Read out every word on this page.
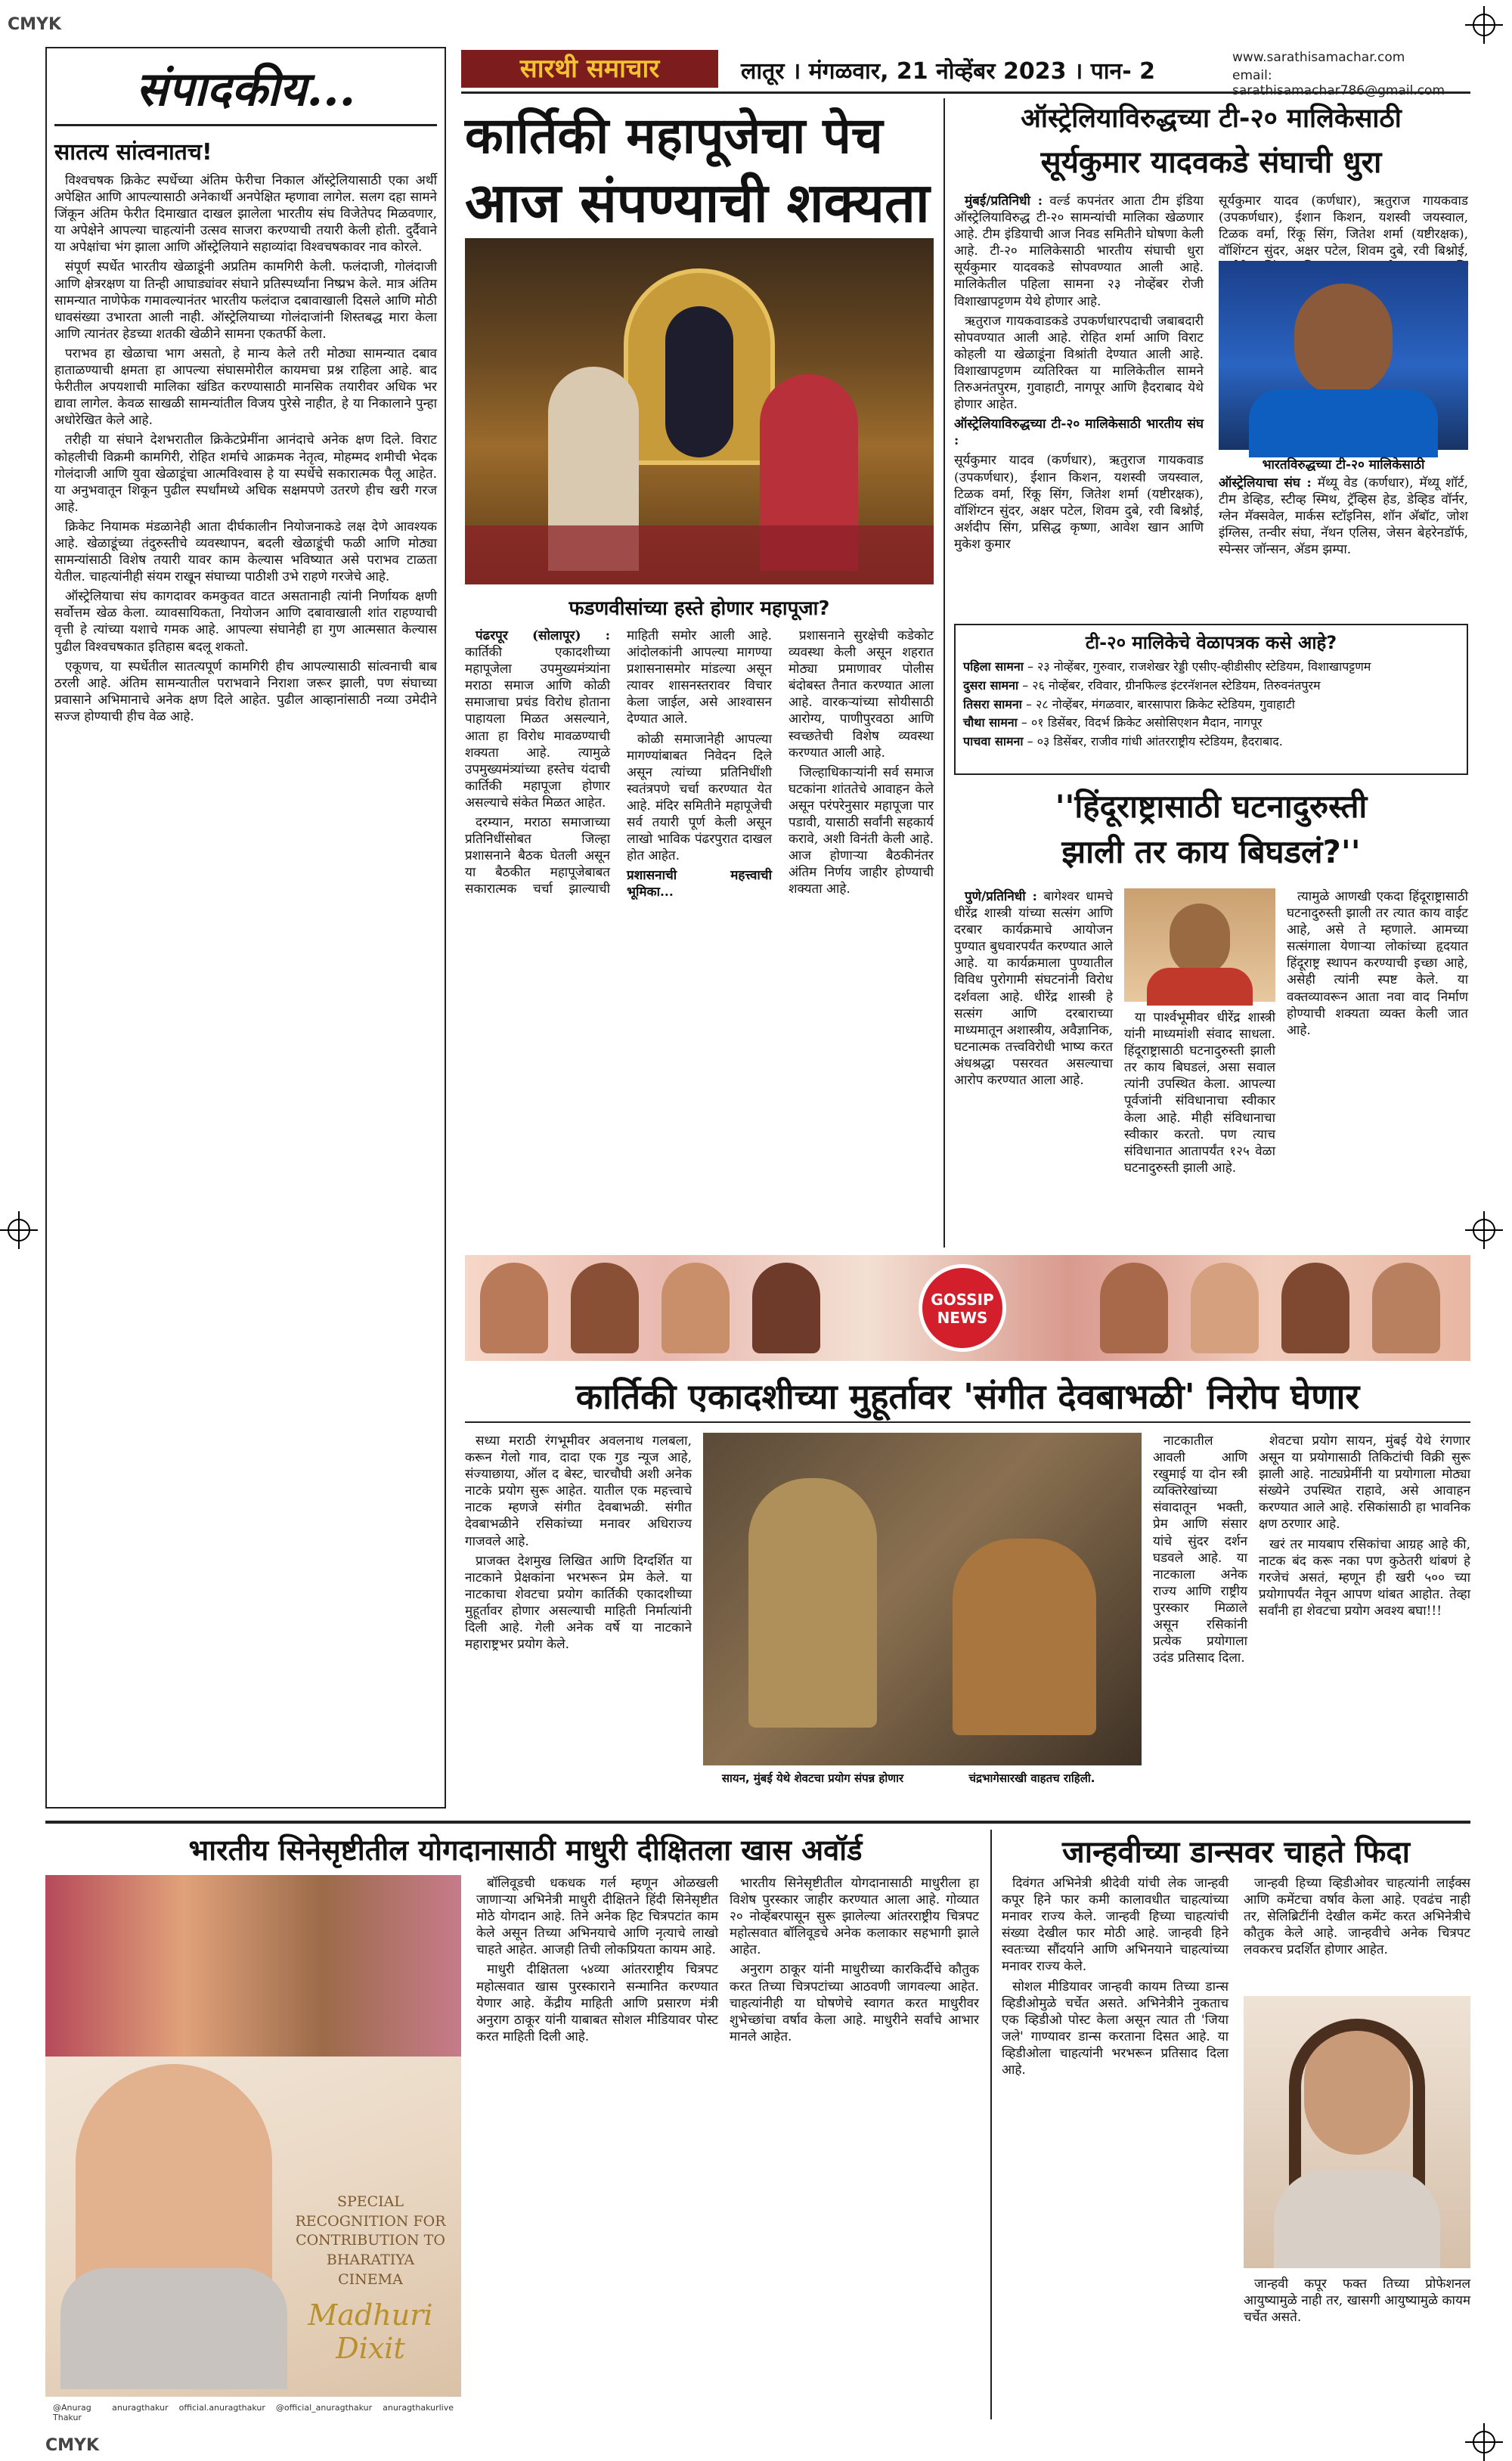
CMYK
CMYK
संपादकीय...
सातत्य सांत्वनातच!

विश्वचषक क्रिकेट स्पर्धेच्या अंतिम फेरीचा निकाल ऑस्ट्रेलियासाठी एका अर्थी अपेक्षित आणि आपल्यासाठी अनेकार्थी अनपेक्षित म्हणावा लागेल. सलग दहा सामने जिंकून अंतिम फेरीत दिमाखात दाखल झालेला भारतीय संघ विजेतेपद मिळवणार, या अपेक्षेने आपल्या चाहत्यांनी उत्सव साजरा करण्याची तयारी केली होती. दुर्दैवाने या अपेक्षांचा भंग झाला आणि ऑस्ट्रेलियाने सहाव्यांदा विश्वचषकावर नाव कोरले.

संपूर्ण स्पर्धेत भारतीय खेळाडूंनी अप्रतिम कामगिरी केली. फलंदाजी, गोलंदाजी आणि क्षेत्ररक्षण या तिन्ही आघाड्यांवर संघाने प्रतिस्पर्ध्यांना निष्प्रभ केले. मात्र अंतिम सामन्यात नाणेफेक गमावल्यानंतर भारतीय फलंदाज दबावाखाली दिसले आणि मोठी धावसंख्या उभारता आली नाही. ऑस्ट्रेलियाच्या गोलंदाजांनी शिस्तबद्ध मारा केला आणि त्यानंतर हेडच्या शतकी खेळीने सामना एकतर्फी केला.

पराभव हा खेळाचा भाग असतो, हे मान्य केले तरी मोठ्या सामन्यात दबाव हाताळण्याची क्षमता हा आपल्या संघासमोरील कायमचा प्रश्न राहिला आहे. बाद फेरीतील अपयशाची मालिका खंडित करण्यासाठी मानसिक तयारीवर अधिक भर द्यावा लागेल. केवळ साखळी सामन्यांतील विजय पुरेसे नाहीत, हे या निकालाने पुन्हा अधोरेखित केले आहे.

तरीही या संघाने देशभरातील क्रिकेटप्रेमींना आनंदाचे अनेक क्षण दिले. विराट कोहलीची विक्रमी कामगिरी, रोहित शर्माचे आक्रमक नेतृत्व, मोहम्मद शमीची भेदक गोलंदाजी आणि युवा खेळाडूंचा आत्मविश्वास हे या स्पर्धेचे सकारात्मक पैलू आहेत. या अनुभवातून शिकून पुढील स्पर्धांमध्ये अधिक सक्षमपणे उतरणे हीच खरी गरज आहे.

क्रिकेट नियामक मंडळानेही आता दीर्घकालीन नियोजनाकडे लक्ष देणे आवश्यक आहे. खेळाडूंच्या तंदुरुस्तीचे व्यवस्थापन, बदली खेळाडूंची फळी आणि मोठ्या सामन्यांसाठी विशेष तयारी यावर काम केल्यास भविष्यात असे पराभव टाळता येतील. चाहत्यांनीही संयम राखून संघाच्या पाठीशी उभे राहणे गरजेचे आहे.

ऑस्ट्रेलियाचा संघ कागदावर कमकुवत वाटत असतानाही त्यांनी निर्णायक क्षणी सर्वोत्तम खेळ केला. व्यावसायिकता, नियोजन आणि दबावाखाली शांत राहण्याची वृत्ती हे त्यांच्या यशाचे गमक आहे. आपल्या संघानेही हा गुण आत्मसात केल्यास पुढील विश्वचषकात इतिहास बदलू शकतो.

एकूणच, या स्पर्धेतील सातत्यपूर्ण कामगिरी हीच आपल्यासाठी सांत्वनाची बाब ठरली आहे. अंतिम सामन्यातील पराभवाने निराशा जरूर झाली, पण संघाच्या प्रवासाने अभिमानाचे अनेक क्षण दिले आहेत. पुढील आव्हानांसाठी नव्या उमेदीने सज्ज होण्याची हीच वेळ आहे.

सारथी समाचार	लातूर । मंगळवार, 21 नोव्हेंबर 2023 । पान- 2
www.sarathisamachar.com
email: sarathisamachar786@gmail.com
कार्तिकी महापूजेचा पेच
आज संपण्याची शक्यता
फडणवीसांच्या हस्ते होणार महापूजा?

पंढरपूर (सोलापूर) : कार्तिकी एकादशीच्या महापूजेला उपमुख्यमंत्र्यांना मराठा समाज आणि कोळी समाजाचा प्रचंड विरोध होताना पाहायला मिळत असल्याने, आता हा विरोध मावळण्याची शक्यता आहे. त्यामुळे उपमुख्यमंत्र्यांच्या हस्तेच यंदाची कार्तिकी महापूजा होणार असल्याचे संकेत मिळत आहेत.

दरम्यान, मराठा समाजाच्या प्रतिनिधींसोबत जिल्हा प्रशासनाने बैठक घेतली असून या बैठकीत महापूजेबाबत सकारात्मक चर्चा झाल्याची माहिती समोर आली आहे. आंदोलकांनी आपल्या मागण्या प्रशासनासमोर मांडल्या असून त्यावर शासनस्तरावर विचार केला जाईल, असे आश्वासन देण्यात आले.

कोळी समाजानेही आपल्या मागण्यांबाबत निवेदन दिले असून त्यांच्या प्रतिनिधींशी स्वतंत्रपणे चर्चा करण्यात येत आहे. मंदिर समितीने महापूजेची सर्व तयारी पूर्ण केली असून लाखो भाविक पंढरपुरात दाखल होत आहेत.

प्रशासनाची महत्त्वाची भूमिका...

प्रशासनाने सुरक्षेची कडेकोट व्यवस्था केली असून शहरात मोठ्या प्रमाणावर पोलीस बंदोबस्त तैनात करण्यात आला आहे. वारकऱ्यांच्या सोयीसाठी आरोग्य, पाणीपुरवठा आणि स्वच्छतेची विशेष व्यवस्था करण्यात आली आहे.

जिल्हाधिकाऱ्यांनी सर्व समाज घटकांना शांततेचे आवाहन केले असून परंपरेनुसार महापूजा पार पडावी, यासाठी सर्वांनी सहकार्य करावे, अशी विनंती केली आहे. आज होणाऱ्या बैठकीनंतर अंतिम निर्णय जाहीर होण्याची शक्यता आहे.

ऑस्ट्रेलियाविरुद्धच्या टी-२० मालिकेसाठी
सूर्यकुमार यादवकडे संघाची धुरा

मुंबई/प्रतिनिधी : वर्ल्ड कपनंतर आता टीम इंडिया ऑस्ट्रेलियाविरुद्ध टी-२० सामन्यांची मालिका खेळणार आहे. टीम इंडियाची आज निवड समितीने घोषणा केली आहे. टी-२० मालिकेसाठी भारतीय संघाची धुरा सूर्यकुमार यादवकडे सोपवण्यात आली आहे. मालिकेतील पहिला सामना २३ नोव्हेंबर रोजी विशाखापट्टणम येथे होणार आहे.

ऋतुराज गायकवाडकडे उपकर्णधारपदाची जबाबदारी सोपवण्यात आली आहे. रोहित शर्मा आणि विराट कोहली या खेळाडूंना विश्रांती देण्यात आली आहे. विशाखापट्टणम व्यतिरिक्त या मालिकेतील सामने तिरुअनंतपुरम, गुवाहाटी, नागपूर आणि हैदराबाद येथे होणार आहेत.

ऑस्ट्रेलियाविरुद्धच्या टी-२० मालिकेसाठी भारतीय संघ :

सूर्यकुमार यादव (कर्णधार), ऋतुराज गायकवाड (उपकर्णधार), ईशान किशन, यशस्वी जयस्वाल, टिळक वर्मा, रिंकू सिंग, जितेश शर्मा (यष्टीरक्षक), वॉशिंग्टन सुंदर, अक्षर पटेल, शिवम दुबे, रवी बिश्नोई, अर्शदीप सिंग, प्रसिद्ध कृष्णा, आवेश खान आणि मुकेश कुमार

सूर्यकुमार यादव (कर्णधार), ऋतुराज गायकवाड (उपकर्णधार), ईशान किशन, यशस्वी जयस्वाल, टिळक वर्मा, रिंकू सिंग, जितेश शर्मा (यष्टीरक्षक), वॉशिंग्टन सुंदर, अक्षर पटेल, शिवम दुबे, रवी बिश्नोई,

भारतविरुद्धच्या टी-२० मालिकेसाठी

ऑस्ट्रेलियाचा संघ : मॅथ्यू वेड (कर्णधार), मॅथ्यू शॉर्ट, टीम डेव्हिड, स्टीव्ह स्मिथ, ट्रॅव्हिस हेड, डेव्हिड वॉर्नर, ग्लेन मॅक्सवेल, मार्कस स्टॉइनिस, शॉन अ‍ॅबॉट, जोश इंग्लिस, तन्वीर संघा, नॅथन एलिस, जेसन बेहरेनडॉर्फ, स्पेन्सर जॉन्सन, अ‍ॅडम झम्पा.

टी-२० मालिकेचे वेळापत्रक कसे आहे?
पहिला सामना – २३ नोव्हेंबर, गुरुवार, राजशेखर रेड्डी एसीए-व्हीडीसीए स्टेडियम, विशाखापट्टणम
दुसरा सामना – २६ नोव्हेंबर, रविवार, ग्रीनफिल्ड इंटरनॅशनल स्टेडियम, तिरुवनंतपुरम
तिसरा सामना – २८ नोव्हेंबर, मंगळवार, बारसापारा क्रिकेट स्टेडियम, गुवाहाटी
चौथा सामना – ०१ डिसेंबर, विदर्भ क्रिकेट असोसिएशन मैदान, नागपूर
पाचवा सामना – ०३ डिसेंबर, राजीव गांधी आंतरराष्ट्रीय स्टेडियम, हैदराबाद.
''हिंदूराष्ट्रासाठी घटनादुरुस्ती
झाली तर काय बिघडलं?''

पुणे/प्रतिनिधी : बागेश्वर धामचे धीरेंद्र शास्त्री यांच्या सत्संग आणि दरबार कार्यक्रमाचे आयोजन पुण्यात बुधवारपर्यंत करण्यात आले आहे. या कार्यक्रमाला पुण्यातील विविध पुरोगामी संघटनांनी विरोध दर्शवला आहे. धीरेंद्र शास्त्री हे सत्संग आणि दरबाराच्या माध्यमातून अशास्त्रीय, अवैज्ञानिक, घटनात्मक तत्त्वविरोधी भाष्य करत अंधश्रद्धा पसरवत असल्याचा आरोप करण्यात आला आहे.

या पार्श्वभूमीवर धीरेंद्र शास्त्री यांनी माध्यमांशी संवाद साधला. हिंदूराष्ट्रासाठी घटनादुरुस्ती झाली तर काय बिघडलं, असा सवाल त्यांनी उपस्थित केला. आपल्या पूर्वजांनी संविधानाचा स्वीकार केला आहे. मीही संविधानाचा स्वीकार करतो. पण त्याच संविधानात आतापर्यंत १२५ वेळा घटनादुरुस्ती झाली आहे.

त्यामुळे आणखी एकदा हिंदूराष्ट्रासाठी घटनादुरुस्ती झाली तर त्यात काय वाईट आहे, असे ते म्हणाले. आमच्या सत्संगाला येणाऱ्या लोकांच्या हृदयात हिंदूराष्ट्र स्थापन करण्याची इच्छा आहे, असेही त्यांनी स्पष्ट केले. या वक्तव्यावरून आता नवा वाद निर्माण होण्याची शक्यता व्यक्त केली जात आहे.

GOSSIP
NEWS
कार्तिकी एकादशीच्या मुहूर्तावर 'संगीत देवबाभळी' निरोप घेणार

सध्या मराठी रंगभूमीवर अवलनाथ गलबला, करून गेलो गाव, दादा एक गुड न्यूज आहे, संज्याछाया, ऑल द बेस्ट, चारचौघी अशी अनेक नाटके प्रयोग सुरू आहेत. यातील एक महत्त्वाचे नाटक म्हणजे संगीत देवबाभळी. संगीत देवबाभळीने रसिकांच्या मनावर अधिराज्य गाजवले आहे.

प्राजक्त देशमुख लिखित आणि दिग्दर्शित या नाटकाने प्रेक्षकांना भरभरून प्रेम केले. या नाटकाचा शेवटचा प्रयोग कार्तिकी एकादशीच्या मुहूर्तावर होणार असल्याची माहिती निर्मात्यांनी दिली आहे. गेली अनेक वर्षे या नाटकाने महाराष्ट्रभर प्रयोग केले.

सायन, मुंबई येथे शेवटचा प्रयोग संपन्न होणार	चंद्रभागेसारखी वाहतच राहिली.

नाटकातील आवली आणि रखुमाई या दोन स्त्री व्यक्तिरेखांच्या संवादातून भक्ती, प्रेम आणि संसार यांचे सुंदर दर्शन घडवले आहे. या नाटकाला अनेक राज्य आणि राष्ट्रीय पुरस्कार मिळाले असून रसिकांनी प्रत्येक प्रयोगाला उदंड प्रतिसाद दिला.

शेवटचा प्रयोग सायन, मुंबई येथे रंगणार असून या प्रयोगासाठी तिकिटांची विक्री सुरू झाली आहे. नाट्यप्रेमींनी या प्रयोगाला मोठ्या संख्येने उपस्थित राहावे, असे आवाहन करण्यात आले आहे. रसिकांसाठी हा भावनिक क्षण ठरणार आहे.

खरं तर मायबाप रसिकांचा आग्रह आहे की, नाटक बंद करू नका पण कुठेतरी थांबणं हे गरजेचं असतं, म्हणून ही खरी ५०० च्या प्रयोगापर्यंत नेवून आपण थांबत आहोत. तेव्हा सर्वांनी हा शेवटचा प्रयोग अवश्य बघा!!!

भारतीय सिनेसृष्टीतील योगदानासाठी माधुरी दीक्षितला खास अवॉर्ड
SPECIAL RECOGNITION FOR CONTRIBUTION TO BHARATIYA CINEMA
Madhuri Dixit
@Anurag Thakur
anuragthakur official.anuragthakur @official_anuragthakur anuragthakurlive

बॉलिवूडची धकधक गर्ल म्हणून ओळखली जाणाऱ्या अभिनेत्री माधुरी दीक्षितने हिंदी सिनेसृष्टीत मोठे योगदान आहे. तिने अनेक हिट चित्रपटांत काम केले असून तिच्या अभिनयाचे आणि नृत्याचे लाखो चाहते आहेत. आजही तिची लोकप्रियता कायम आहे.

माधुरी दीक्षितला ५४व्या आंतरराष्ट्रीय चित्रपट महोत्सवात खास पुरस्काराने सन्मानित करण्यात येणार आहे. केंद्रीय माहिती आणि प्रसारण मंत्री अनुराग ठाकूर यांनी याबाबत सोशल मीडियावर पोस्ट करत माहिती दिली आहे.

भारतीय सिनेसृष्टीतील योगदानासाठी माधुरीला हा विशेष पुरस्कार जाहीर करण्यात आला आहे. गोव्यात २० नोव्हेंबरपासून सुरू झालेल्या आंतरराष्ट्रीय चित्रपट महोत्सवात बॉलिवूडचे अनेक कलाकार सहभागी झाले आहेत.

अनुराग ठाकूर यांनी माधुरीच्या कारकिर्दीचे कौतुक करत तिच्या चित्रपटांच्या आठवणी जागवल्या आहेत. चाहत्यांनीही या घोषणेचे स्वागत करत माधुरीवर शुभेच्छांचा वर्षाव केला आहे. माधुरीने सर्वांचे आभार मानले आहेत.

जान्हवीच्या डान्सवर चाहते फिदा

दिवंगत अभिनेत्री श्रीदेवी यांची लेक जान्हवी कपूर हिने फार कमी कालावधीत चाहत्यांच्या मनावर राज्य केले. जान्हवी हिच्या चाहत्यांची संख्या देखील फार मोठी आहे. जान्हवी हिने स्वतःच्या सौंदर्याने आणि अभिनयाने चाहत्यांच्या मनावर राज्य केले.

सोशल मीडियावर जान्हवी कायम तिच्या डान्स व्हिडीओमुळे चर्चेत असते. अभिनेत्रीने नुकताच एक व्हिडीओ पोस्ट केला असून त्यात ती 'जिया जले' गाण्यावर डान्स करताना दिसत आहे. या व्हिडीओला चाहत्यांनी भरभरून प्रतिसाद दिला आहे.

जान्हवी हिच्या व्हिडीओवर चाहत्यांनी लाईक्स आणि कमेंटचा वर्षाव केला आहे. एवढंच नाही तर, सेलिब्रिटींनी देखील कमेंट करत अभिनेत्रीचे कौतुक केले आहे. जान्हवीचे अनेक चित्रपट लवकरच प्रदर्शित होणार आहेत.

जान्हवी कपूर फक्त तिच्या प्रोफेशनल आयुष्यामुळे नाही तर, खासगी आयुष्यामुळे कायम चर्चेत असते.
